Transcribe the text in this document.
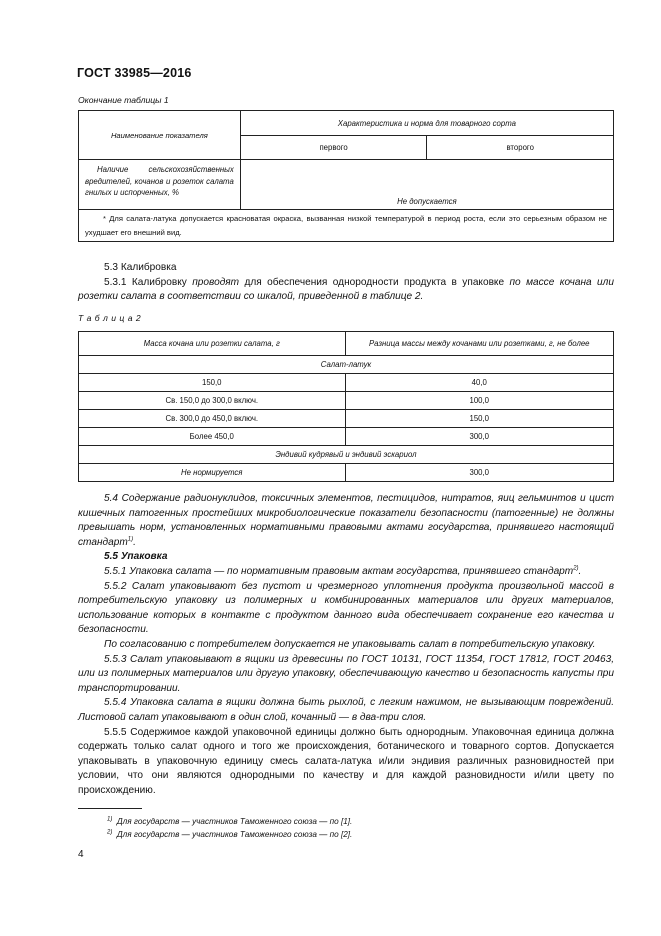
ГОСТ 33985—2016
Окончание таблицы 1
Наименование показателя	Характеристика и норма для товарного сорта	
	первого	второго
Наличие сельскохозяйственных вредителей, кочанов и розеток салата гнилых и испорченных, %	Не допускается	
* Для салата-латука допускается красноватая окраска, вызванная низкой температурой в период роста, если это серьезным образом не ухудшает его внешний вид.		

5.3 Калибровка

5.3.1 Калибровку проводят для обеспечения однородности продукта в упаковке по массе кочана или розетки салата в соответствии со шкалой, приведенной в таблице 2.

Т а б л и ц а 2
Масса кочана или розетки салата, г	Разница массы между кочанами или розетками, г, не более
Салат-латук	
150,0	40,0
Св. 150,0 до 300,0 включ.	100,0
Св. 300,0 до 450,0 включ.	150,0
Более 450,0	300,0
Эндивий кудрявый и эндивий эскариол	
Не нормируется	300,0

5.4 Содержание радионуклидов, токсичных элементов, пестицидов, нитратов, яиц гельминтов и цист кишечных патогенных простейших микробиологические показатели безопасности (патогенные) не должны превышать норм, установленных нормативными правовыми актами государства, принявшего настоящий стандарт$^{1)}$.

5.5 Упаковка

5.5.1 Упаковка салата — по нормативным правовым актам государства, принявшего стандарт$^{2)}$.

5.5.2 Салат упаковывают без пустот и чрезмерного уплотнения продукта произвольной массой в потребительскую упаковку из полимерных и комбинированных материалов или других материалов, использование которых в контакте с продуктом данного вида обеспечивает сохранение его качества и безопасности.

По согласованию с потребителем допускается не упаковывать салат в потребительскую упаковку.

5.5.3 Салат упаковывают в ящики из древесины по ГОСТ 10131, ГОСТ 11354, ГОСТ 17812, ГОСТ 20463, или из полимерных материалов или другую упаковку, обеспечивающую качество и безопасность капусты при транспортировании.

5.5.4 Упаковка салата в ящики должна быть рыхлой, с легким нажимом, не вызывающим повреждений. Листовой салат упаковывают в один слой, кочанный — в два-три слоя.

5.5.5 Содержимое каждой упаковочной единицы должно быть однородным. Упаковочная единица должна содержать только салат одного и того же происхождения, ботанического и товарного сортов. Допускается упаковывать в упаковочную единицу смесь салата-латука и/или эндивия различных разновидностей при условии, что они являются однородными по качеству и для каждой разновидности и/или цвету по происхождению.

$^{1)}$ Для государств — участников Таможенного союза — по [1].
$^{2)}$ Для государств — участников Таможенного союза — по [2].
4
